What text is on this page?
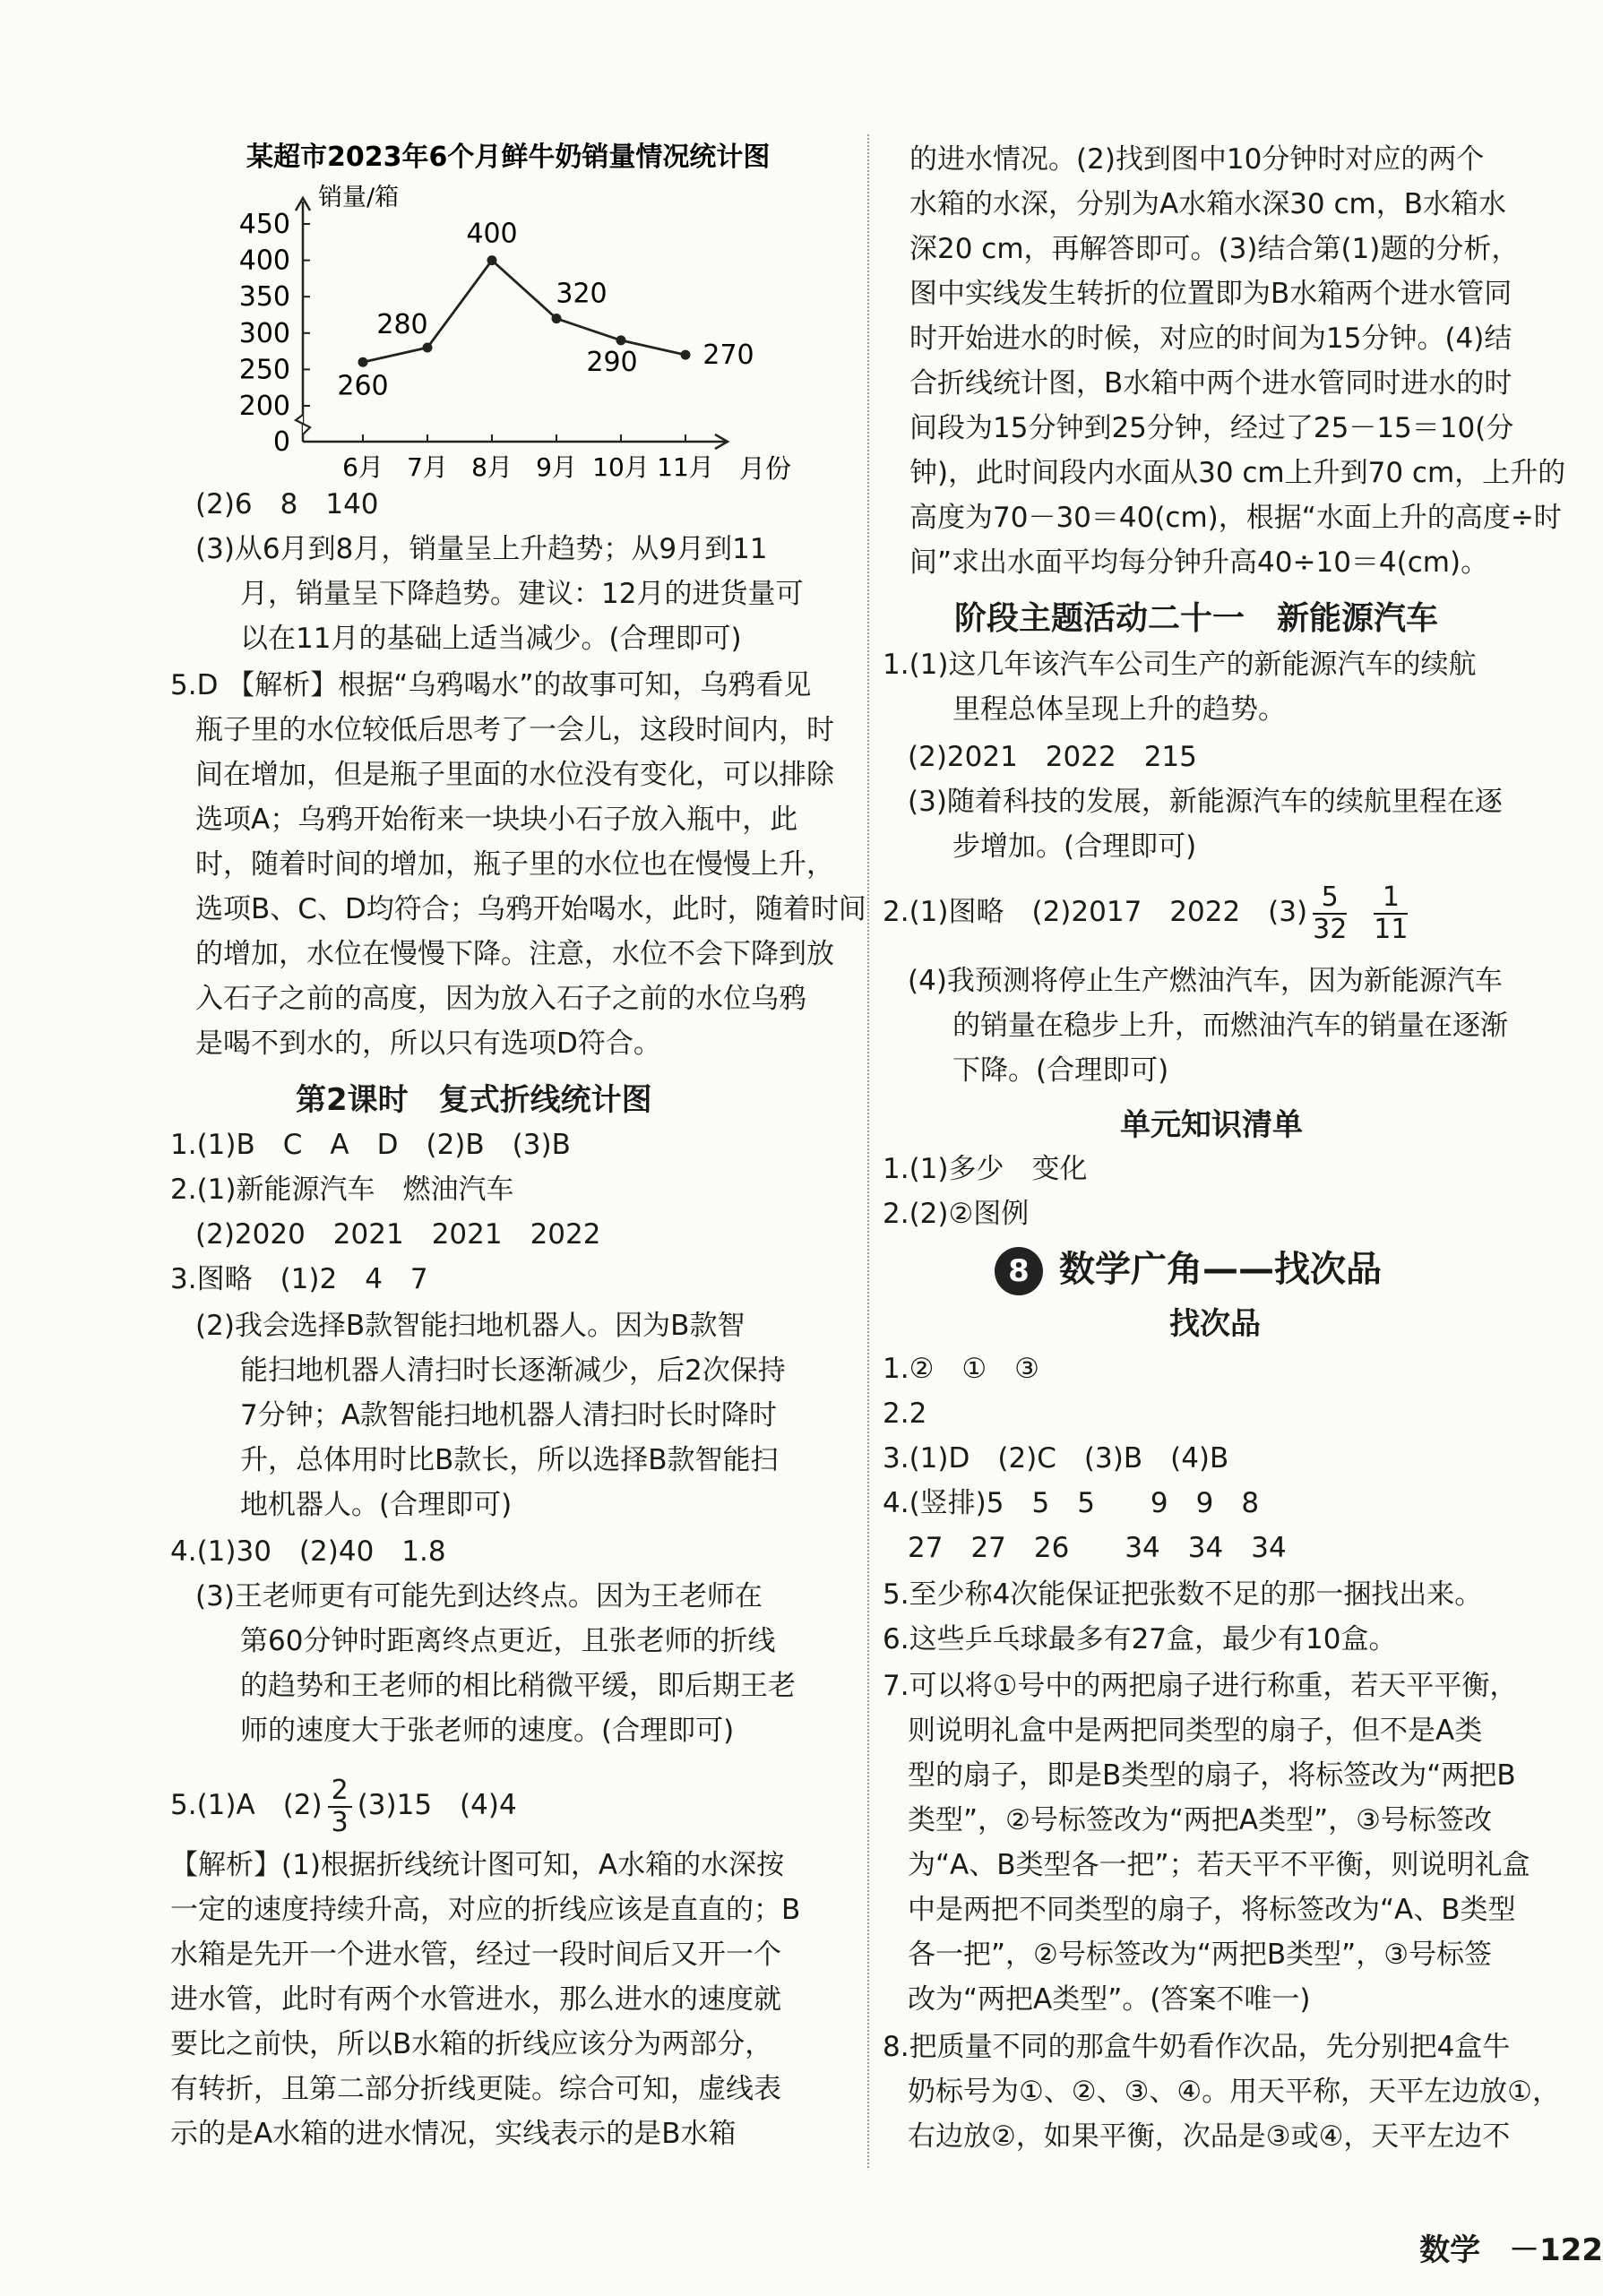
某超市2023年6个月鲜牛奶销量情况统计图
销量/箱
月份
0
200
250
300
350
400
450
6月 7月 8月 9月 10月 11月
260
280
400
320
290 270
(2)6　8　140
(3)从6月到8月，销量呈上升趋势；从9月到11
月，销量呈下降趋势。建议：12月的进货量可
以在11月的基础上适当减少。(合理即可)
5.D 【解析】根据“乌鸦喝水”的故事可知，乌鸦看见
瓶子里的水位较低后思考了一会儿，这段时间内，时
间在增加，但是瓶子里面的水位没有变化，可以排除
选项A；乌鸦开始衔来一块块小石子放入瓶中，此
时，随着时间的增加，瓶子里的水位也在慢慢上升，
选项B、C、D均符合；乌鸦开始喝水，此时，随着时间
的增加，水位在慢慢下降。注意，水位不会下降到放
入石子之前的高度，因为放入石子之前的水位乌鸦
是喝不到水的，所以只有选项D符合。
第2课时　复式折线统计图
1.(1)B　C　A　D　(2)B　(3)B
2.(1)新能源汽车　燃油汽车
(2)2020　2021　2021　2022
3.图略　(1)2　4　7
(2)我会选择B款智能扫地机器人。因为B款智
能扫地机器人清扫时长逐渐减少，后2次保持
7分钟；A款智能扫地机器人清扫时长时降时
升，总体用时比B款长，所以选择B款智能扫
地机器人。(合理即可)
4.(1)30　(2)40　1.8
(3)王老师更有可能先到达终点。因为王老师在
第60分钟时距离终点更近，且张老师的折线
的趋势和王老师的相比稍微平缓，即后期王老
师的速度大于张老师的速度。(合理即可)
5.(1)A　$(2) \frac{2}{3} (3)15$　(4)4
【解析】(1)根据折线统计图可知，A水箱的水深按
一定的速度持续升高，对应的折线应该是直直的；B
水箱是先开一个进水管，经过一段时间后又开一个
进水管，此时有两个水管进水，那么进水的速度就
要比之前快，所以B水箱的折线应该分为两部分，
有转折，且第二部分折线更陡。综合可知，虚线表
示的是A水箱的进水情况，实线表示的是B水箱
的进水情况。(2)找到图中10分钟时对应的两个
水箱的水深，分别为A水箱水深30 cm，B水箱水
深20 cm，再解答即可。(3)结合第(1)题的分析，
图中实线发生转折的位置即为B水箱两个进水管同
时开始进水的时候，对应的时间为15分钟。(4)结
合折线统计图，B水箱中两个进水管同时进水的时
间段为15分钟到25分钟，经过了25－15＝10(分
钟)，此时间段内水面从30 cm上升到70 cm，上升的
高度为70－30＝40(cm)，根据“水面上升的高度÷时
间”求出水面平均每分钟升高40÷10＝4(cm)。
阶段主题活动二十一　新能源汽车
1.(1)这几年该汽车公司生产的新能源汽车的续航
里程总体呈现上升的趋势。
(2)2021　2022　215
(3)随着科技的发展，新能源汽车的续航里程在逐
步增加。(合理即可)
2.(1)图略　(2)2017　2022　$(3) \frac{5}{32} \frac{1}{11}$
(4)我预测将停止生产燃油汽车，因为新能源汽车
的销量在稳步上升，而燃油汽车的销量在逐渐
下降。(合理即可)
单元知识清单
1.(1)多少　变化
2.(2)②图例
8 数学广角——找次品
找次品
1.②　①　③
2.2
3.(1)D　(2)C　(3)B　(4)B
4.(竖排)5　5　5　　9　9　8
27　27　26　　34　34　34
5.至少称4次能保证把张数不足的那一捆找出来。
6.这些乒乓球最多有27盒，最少有10盒。
7.可以将①号中的两把扇子进行称重，若天平平衡，
则说明礼盒中是两把同类型的扇子，但不是A类
型的扇子，即是B类型的扇子，将标签改为“两把B
类型”，②号标签改为“两把A类型”，③号标签改
为“A、B类型各一把”；若天平不平衡，则说明礼盒
中是两把不同类型的扇子，将标签改为“A、B类型
各一把”，②号标签改为“两把B类型”，③号标签
改为“两把A类型”。(答案不唯一)
8.把质量不同的那盒牛奶看作次品，先分别把4盒牛
奶标号为①、②、③、④。用天平称，天平左边放①，
右边放②，如果平衡，次品是③或④，天平左边不
数学 －122
